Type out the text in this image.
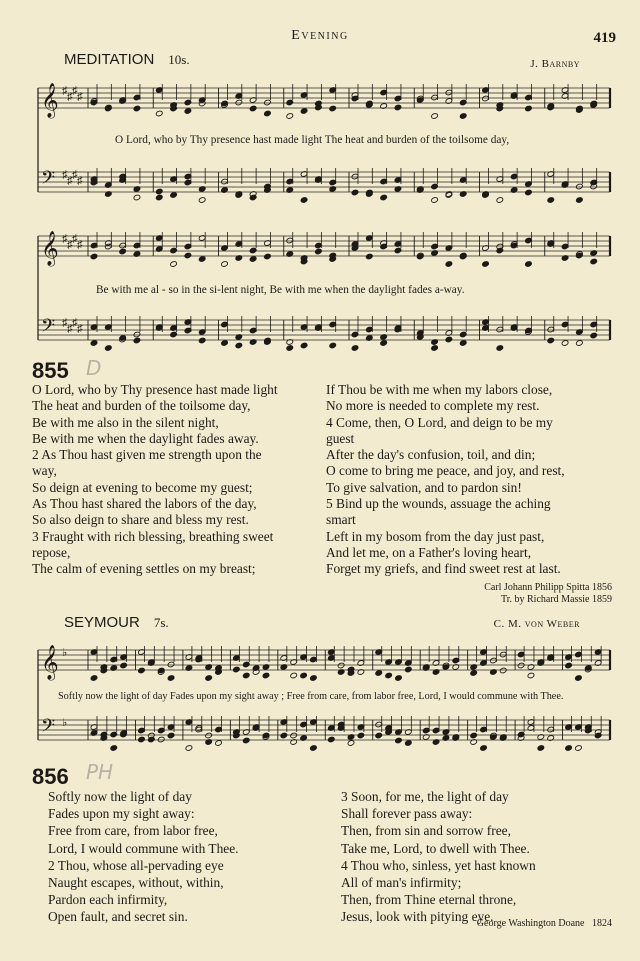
Evening	419
MEDITATION 10s.	J. Barnby
𝄞 ♯ ♯ ♯ ♯
𝄢 ♯ ♯ ♯ ♯
O Lord, who by Thy presence hast made light The heat and burden of the toilsome day,
𝄞 ♯ ♯ ♯ ♯
𝄢 ♯ ♯ ♯ ♯
Be with me al - so in the si-lent night, Be with me when the daylight fades a-way.
855 D
O Lord, who by Thy presence hast made light
The heat and burden of the toilsome day,
Be with me also in the silent night,
Be with me when the daylight fades away.
2 As Thou hast given me strength upon the
way,
So deign at evening to become my guest;
As Thou hast shared the labors of the day,
So also deign to share and bless my rest.
3 Fraught with rich blessing, breathing sweet
repose,
The calm of evening settles on my breast;
If Thou be with me when my labors close,
No more is needed to complete my rest.
4 Come, then, O Lord, and deign to be my
guest
After the day's confusion, toil, and din;
O come to bring me peace, and joy, and rest,
To give salvation, and to pardon sin!
5 Bind up the wounds, assuage the aching
smart
Left in my bosom from the day just past,
And let me, on a Father's loving heart,
Forget my griefs, and find sweet rest at last.
Carl Johann Philipp Spitta 1856
Tr. by Richard Massie 1859
SEYMOUR 7s.	C. M. von Weber
𝄞 ♭
𝄢 ♭
Softly now the light of day Fades upon my sight away ; Free from care, from labor free, Lord, I would commune with Thee.
856 PH
Softly now the light of day
Fades upon my sight away:
Free from care, from labor free,
Lord, I would commune with Thee.
2 Thou, whose all-pervading eye
Naught escapes, without, within,
Pardon each infirmity,
Open fault, and secret sin.
3 Soon, for me, the light of day
Shall forever pass away:
Then, from sin and sorrow free,
Take me, Lord, to dwell with Thee.
4 Thou who, sinless, yet hast known
All of man's infirmity;
Then, from Thine eternal throne,
Jesus, look with pitying eye.
George Washington Doane 1824
